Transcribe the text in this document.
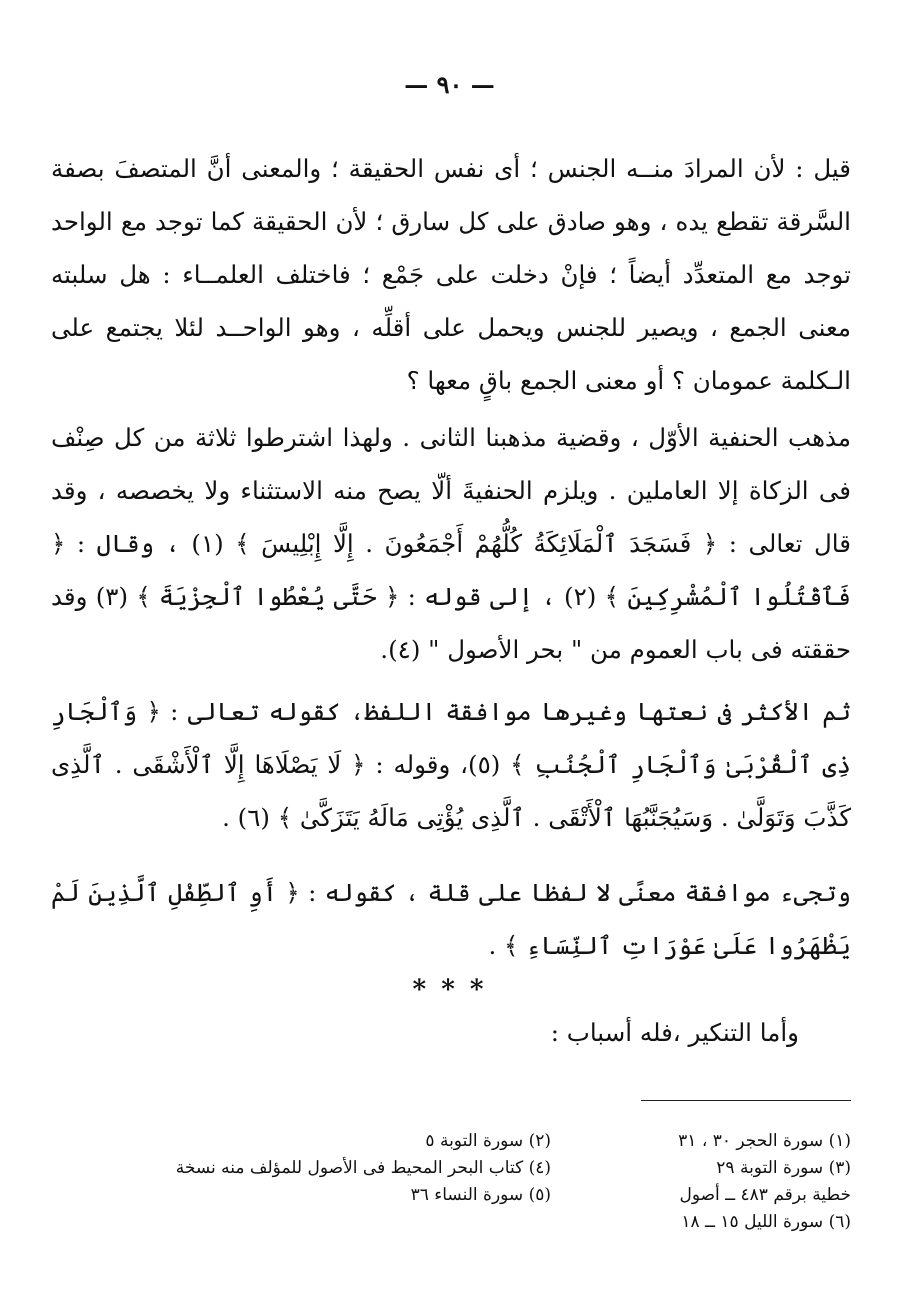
— ٩٠ —

قيل : لأن المرادَ منــه الجنس ؛ أى نفس الحقيقة ؛ والمعنى أنَّ المتصفَ بصفة السَّرقة تقطع يده ، وهو صادق على كل سارق ؛ لأن الحقيقة كما توجد مع الواحد توجد مع المتعدِّد أيضاً ؛ فإنْ دخلت على جَمْع ؛ فاختلف العلمــاء : هل سلبته معنى الجمع ، ويصير للجنس ويحمل على أقلِّه ، وهو الواحــد لئلا يجتمع على الـكلمة عمومان ؟ أو معنى الجمع باقٍ معها ؟

مذهب الحنفية الأوّل ، وقضية مذهبنا الثانى . ولهذا اشترطوا ثلاثة من كل صِنْف فى الزكاة إلا العاملين . ويلزم الحنفيةَ ألّا يصح منه الاستثناء ولا يخصصه ، وقد قال تعالى : ﴿ فَسَجَدَ ٱلْمَلَائِكَةُ كُلُّهُمْ أَجْمَعُونَ . إِلَّا إِبْلِيسَ ﴾ (١) ، وقال : ﴿ فَٱقْتُلُوا ٱلْمُشْرِكِينَ ﴾ (٢) ، إلى قوله : ﴿ حَتَّى يُعْطُوا ٱلْجِزْيَةَ ﴾ (٣) وقد حققته فى باب العموم من " بحر الأصول " (٤).

ثم الأكثر فى نعتها وغيرها موافقة اللفظ، كقوله تعالى : ﴿ وَٱلْجَارِ ذِى ٱلْقُرْبَىٰ وَٱلْجَارِ ٱلْجُنُبِ ﴾ (٥)، وقوله : ﴿ لَا يَصْلَاهَا إِلَّا ٱلْأَشْقَى . ٱلَّذِى كَذَّبَ وَتَوَلَّىٰ . وَسَيُجَنَّبُهَا ٱلْأَتْقَى . ٱلَّذِى يُؤْتِى مَالَهُ يَتَزَكَّىٰ ﴾ (٦) .

وتجىء موافقة معنًى لا لفظا على قلة ، كقوله : ﴿ أَوِ ٱلطِّفْلِ ٱلَّذِينَ لَمْ يَظْهَرُوا عَلَىٰ عَوْرَاتِ ٱلنِّسَاءِ ﴾ .

* * *
وأما التنكير ،فله أسباب :
(١) سورة الحجر ٣٠ ، ٣١
(٣) سورة التوبة ٢٩
(٢) سورة التوبة ٥
(٤) كتاب البحر المحيط فى الأصول للمؤلف منه نسخة
(٥) سورة النساء ٣٦	خطية برقم ٤٨٣ ــ أصول
(٦) سورة الليل ١٥ ــ ١٨
